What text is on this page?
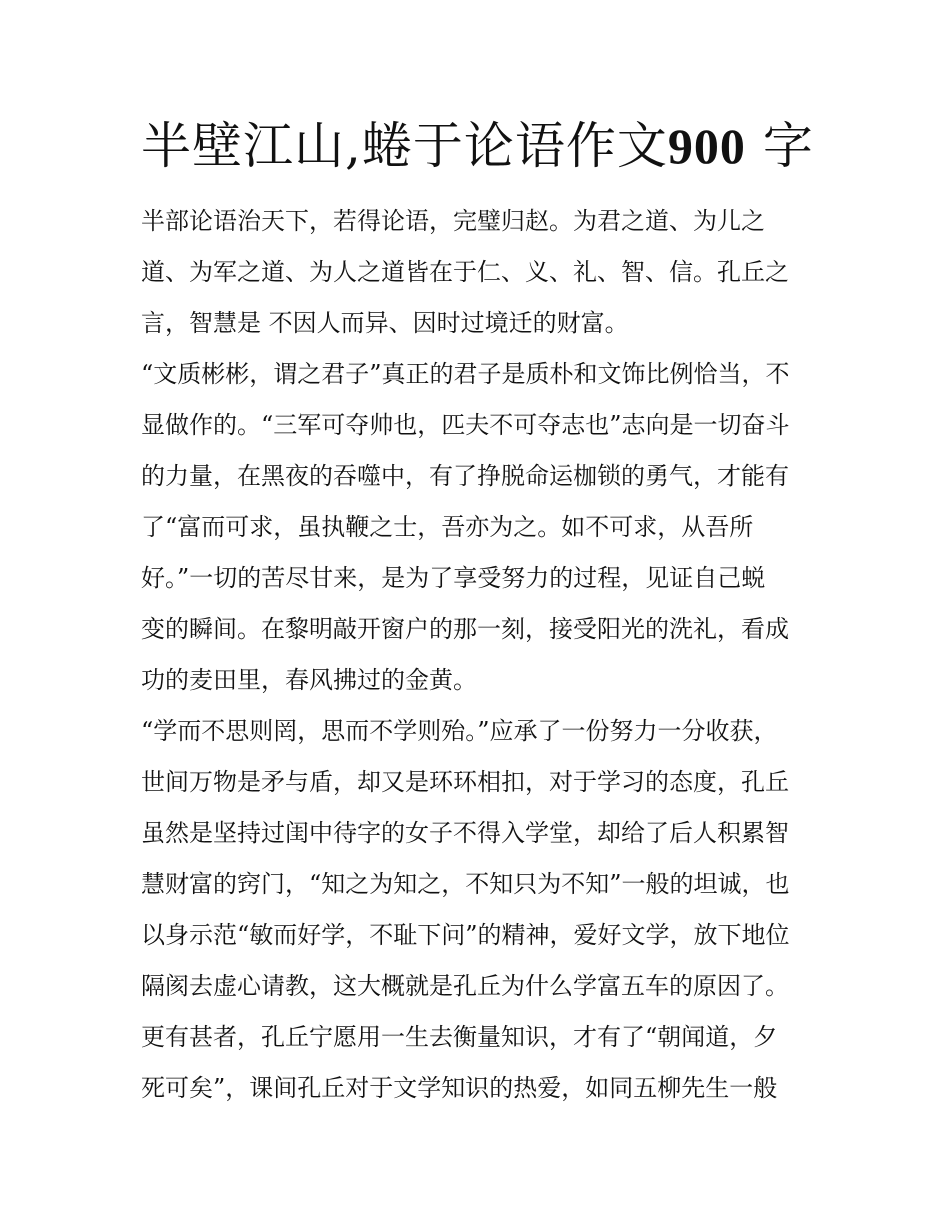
半壁江山,蜷于论语作文900 字
半部论语治天下，若得论语，完璧归赵。为君之道、为儿之
道、为军之道、为人之道皆在于仁、义、礼、智、信。孔丘之
言，智慧是 不因人而异、因时过境迁的财富。
“文质彬彬，谓之君子”真正的君子是质朴和文饰比例恰当，不
显做作的。“三军可夺帅也，匹夫不可夺志也”志向是一切奋斗
的力量，在黑夜的吞噬中，有了挣脱命运枷锁的勇气，才能有
了“富而可求，虽执鞭之士，吾亦为之。如不可求，从吾所
好。”一切的苦尽甘来，是为了享受努力的过程，见证自己蜕
变的瞬间。在黎明敲开窗户的那一刻，接受阳光的洗礼，看成
功的麦田里，春风拂过的金黄。
“学而不思则罔，思而不学则殆。”应承了一份努力一分收获，
世间万物是矛与盾，却又是环环相扣，对于学习的态度，孔丘
虽然是坚持过闺中待字的女子不得入学堂，却给了后人积累智
慧财富的窍门，“知之为知之，不知只为不知”一般的坦诚，也
以身示范“敏而好学，不耻下问”的精神，爱好文学，放下地位
隔阂去虚心请教，这大概就是孔丘为什么学富五车的原因了。
更有甚者，孔丘宁愿用一生去衡量知识，才有了“朝闻道，夕
死可矣”，课间孔丘对于文学知识的热爱，如同五柳先生一般
